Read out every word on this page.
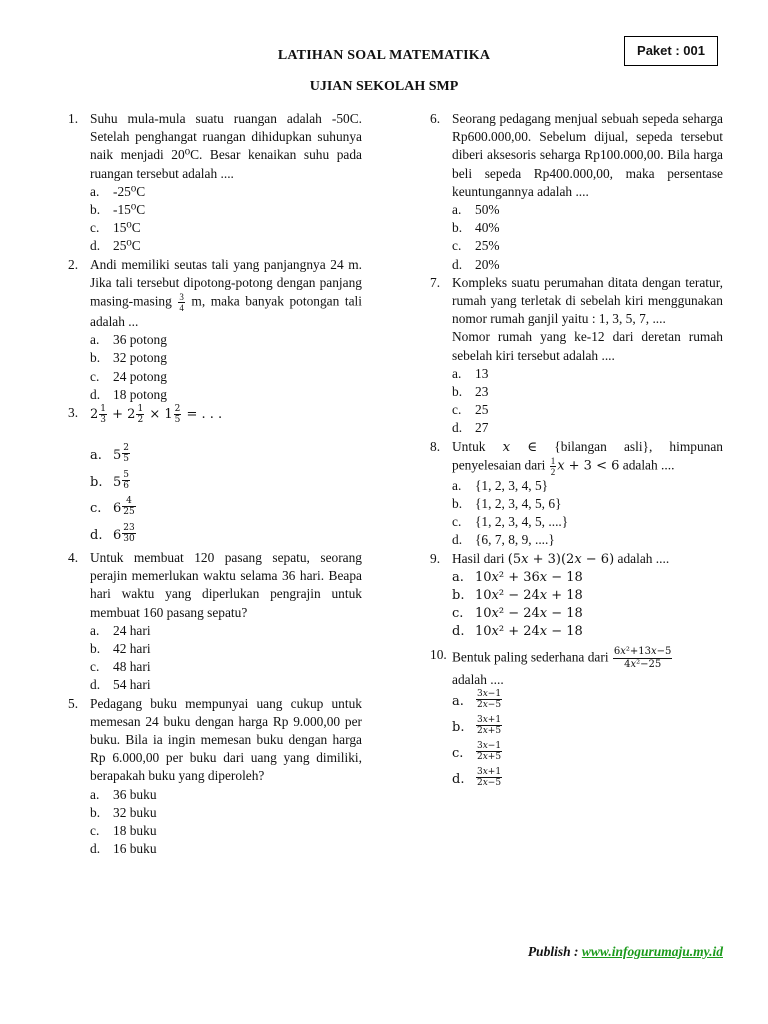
LATIHAN SOAL MATEMATIKA
UJIAN SEKOLAH SMP
Paket : 001
1. Suhu mula-mula suatu ruangan adalah -50C. Setelah penghangat ruangan dihidupkan suhunya naik menjadi 20⁰C. Besar kenaikan suhu pada ruangan tersebut adalah ....
a.	-25⁰C
b. -15⁰C
c.	15⁰C
d. 25⁰C
2. Andi memiliki seutas tali yang panjangnya 24 m. Jika tali tersebut dipotong-potong dengan panjang $masing-masing \frac{3}{4} m$, maka banyak potongan tali adalah ...
a.	36 potong
b. 32 potong
c.	24 potong
d. 18 potong
3. $2 \frac{1}{3} + 2 \frac{1}{2} \times 1 \frac{2}{5}$ = . . .
a. $5 \frac{2}{5}$
b. $5 \frac{5}{6}$
c. $6 \frac{4}{25}$
d. $6 \frac{23}{30}$
4. Untuk membuat 120 pasang sepatu, seorang perajin memerlukan waktu selama 36 hari. Beapa hari waktu yang diperlukan pengrajin untuk membuat 160 pasang sepatu?
a.	24 hari
b. 42 hari
c.	48 hari
d. 54 hari
5. Pedagang buku mempunyai uang cukup untuk memesan 24 buku dengan harga Rp 9.000,00 per buku. Bila ia ingin memesan buku dengan harga Rp 6.000,00 per buku dari uang yang dimiliki, berapakah buku yang diperoleh?
a.	36 buku
b. 32 buku
c.	18 buku
d. 16 buku
6. Seorang pedagang menjual sebuah sepeda seharga Rp600.000,00. Sebelum dijual, sepeda tersebut diberi aksesoris seharga Rp100.000,00. Bila harga beli sepeda Rp400.000,00, maka persentase keuntungannya adalah ....
a.	50%
b. 40%
c.	25%
d. 20%
7. Kompleks suatu perumahan ditata dengan teratur, rumah yang terletak di sebelah kiri menggunakan nomor rumah ganjil yaitu : 1, 3, 5, 7, ....
Nomor rumah yang ke-12 dari deretan rumah sebelah kiri tersebut adalah ....
a.	13
b. 23
c.	25
d. 27
8. Untuk 𝑥 ∈ {bilangan asli}, himpunan penyelesaian dari $\frac{1}{2}$ 𝑥 + 3 < 6 adalah ....
a.	{1, 2, 3, 4, 5}
b. {1, 2, 3, 4, 5, 6}
c.	{1, 2, 3, 4, 5, ....}
d. {6, 7, 8, 9, ....}
9. Hasil dari (5𝑥 + 3)(2𝑥 − 6) adalah ....
a. 10𝑥² + 36𝑥 − 18
b. 10𝑥² − 24𝑥 + 18
c. 10𝑥² − 24𝑥 − 18
d. 10𝑥² + 24𝑥 − 18
10. Bentuk paling sederhana dari $\frac{\text{6𝑥²+13𝑥−5}}{\text{4𝑥²−25}}$
adalah ....
a.	$\frac{\text{3𝑥−1}}{\text{2𝑥−5}}$
b.	$\frac{\text{3𝑥+1}}{\text{2𝑥+5}}$
c.	$\frac{\text{3𝑥−1}}{\text{2𝑥+5}}$
d.	$\frac{\text{3𝑥+1}}{\text{2𝑥−5}}$
Publish : www.infogurumaju.my.id
